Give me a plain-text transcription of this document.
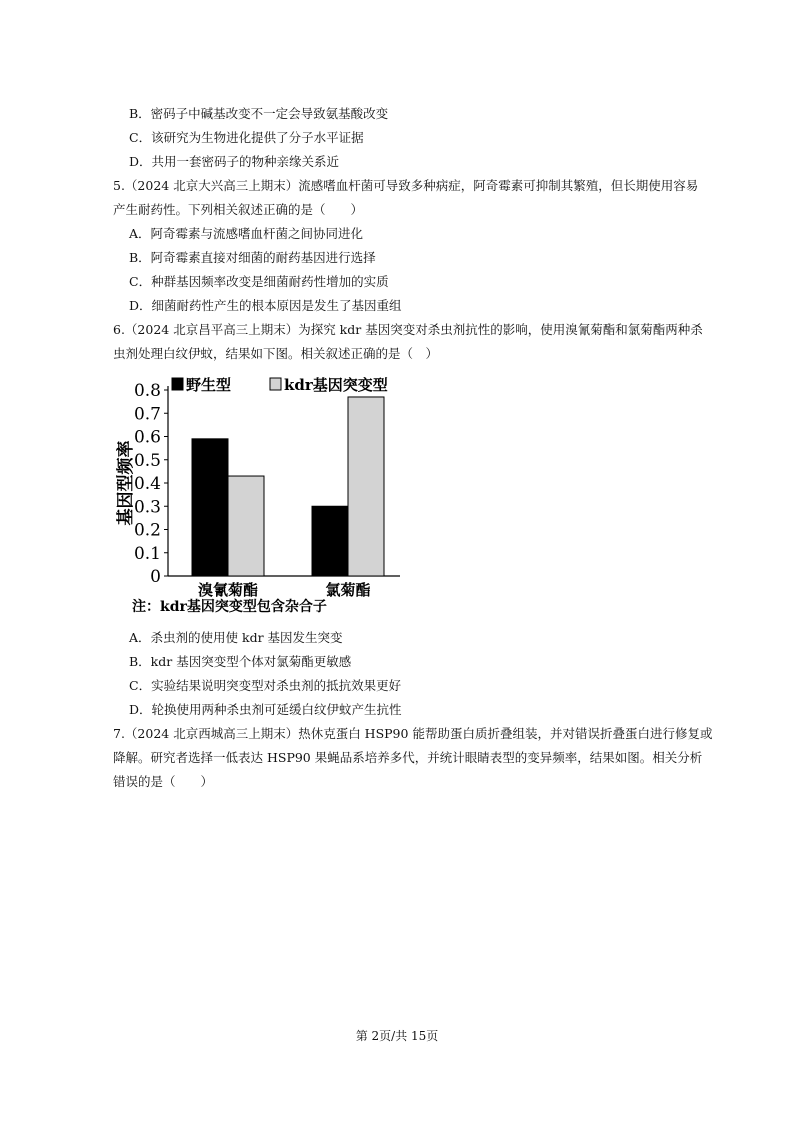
B．密码子中碱基改变不一定会导致氨基酸改变
C．该研究为生物进化提供了分子水平证据
D．共用一套密码子的物种亲缘关系近
5.（2024 北京大兴高三上期末）流感嗜血杆菌可导致多种病症，阿奇霉素可抑制其繁殖，但长期使用容易
产生耐药性。下列相关叙述正确的是（　　）
A．阿奇霉素与流感嗜血杆菌之间协同进化
B．阿奇霉素直接对细菌的耐药基因进行选择
C．种群基因频率改变是细菌耐药性增加的实质
D．细菌耐药性产生的根本原因是发生了基因重组
6.（2024 北京昌平高三上期末）为探究 kdr 基因突变对杀虫剂抗性的影响，使用溴氰菊酯和氯菊酯两种杀
虫剂处理白纹伊蚊，结果如下图。相关叙述正确的是（　）
0
0.1
0.2
0.3
0.4
0.5
0.6
0.7
0.8
溴氰菊酯	氯菊酯
野生型	kdr基因突变型
基因型频率
注：kdr基因突变型包含杂合子
A．杀虫剂的使用使 kdr 基因发生突变
B．kdr 基因突变型个体对氯菊酯更敏感
C．实验结果说明突变型对杀虫剂的抵抗效果更好
D．轮换使用两种杀虫剂可延缓白纹伊蚊产生抗性
7.（2024 北京西城高三上期末）热休克蛋白 HSP90 能帮助蛋白质折叠组装，并对错误折叠蛋白进行修复或
降解。研究者选择一低表达 HSP90 果蝇品系培养多代，并统计眼睛表型的变异频率，结果如图。相关分析
错误的是（　　）
第 2页/共 15页
